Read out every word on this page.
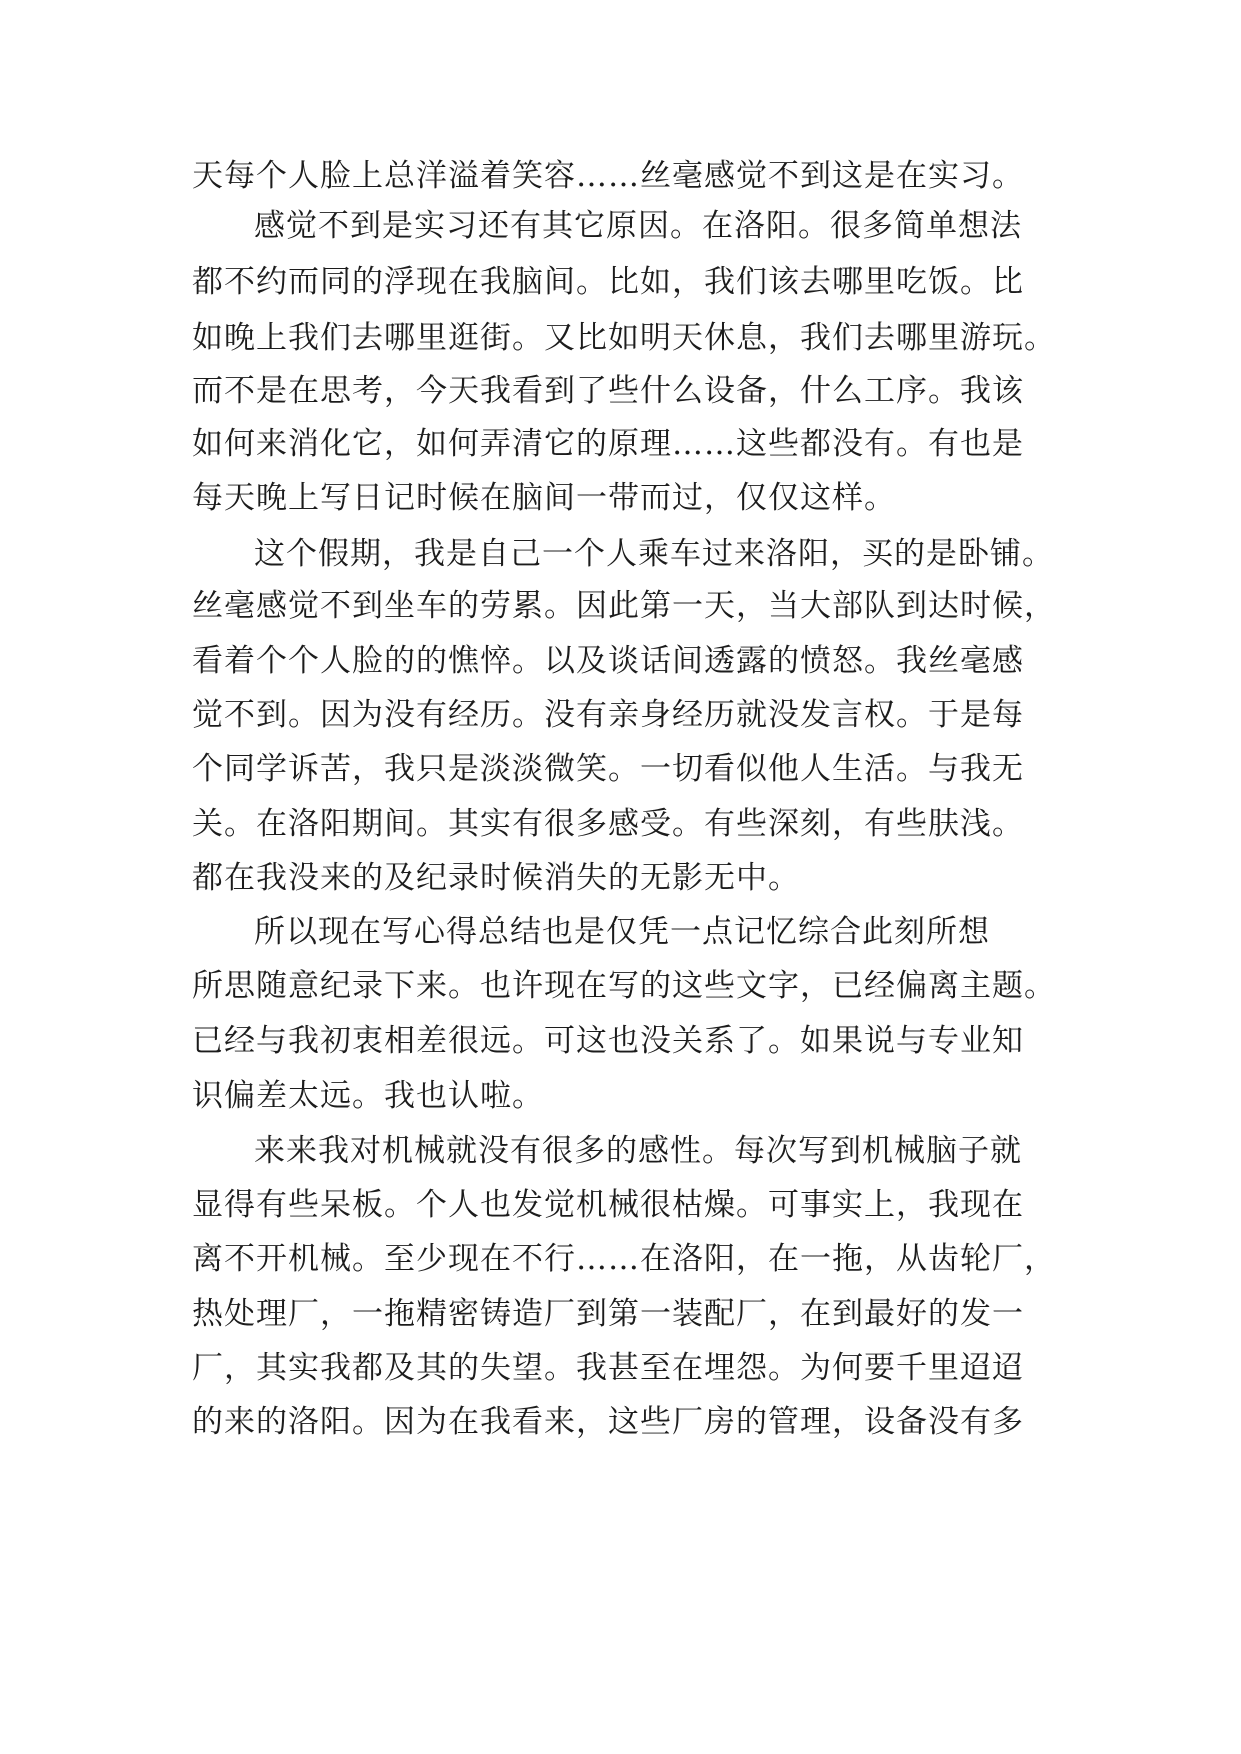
天每个人脸上总洋溢着笑容……丝毫感觉不到这是在实习。
感觉不到是实习还有其它原因。在洛阳。很多简单想法
都不约而同的浮现在我脑间。比如，我们该去哪里吃饭。比
如晚上我们去哪里逛街。又比如明天休息，我们去哪里游玩。
而不是在思考，今天我看到了些什么设备，什么工序。我该
如何来消化它，如何弄清它的原理……这些都没有。有也是
每天晚上写日记时候在脑间一带而过，仅仅这样。
这个假期，我是自己一个人乘车过来洛阳，买的是卧铺。
丝毫感觉不到坐车的劳累。因此第一天，当大部队到达时候，
看着个个人脸的的憔悴。以及谈话间透露的愤怒。我丝毫感
觉不到。因为没有经历。没有亲身经历就没发言权。于是每
个同学诉苦，我只是淡淡微笑。一切看似他人生活。与我无
关。在洛阳期间。其实有很多感受。有些深刻，有些肤浅。
都在我没来的及纪录时候消失的无影无中。
所以现在写心得总结也是仅凭一点记忆综合此刻所想
所思随意纪录下来。也许现在写的这些文字，已经偏离主题。
已经与我初衷相差很远。可这也没关系了。如果说与专业知
识偏差太远。我也认啦。
来来我对机械就没有很多的感性。每次写到机械脑子就
显得有些呆板。个人也发觉机械很枯燥。可事实上，我现在
离不开机械。至少现在不行……在洛阳，在一拖，从齿轮厂，
热处理厂，一拖精密铸造厂到第一装配厂，在到最好的发一
厂，其实我都及其的失望。我甚至在埋怨。为何要千里迢迢
的来的洛阳。因为在我看来，这些厂房的管理，设备没有多
